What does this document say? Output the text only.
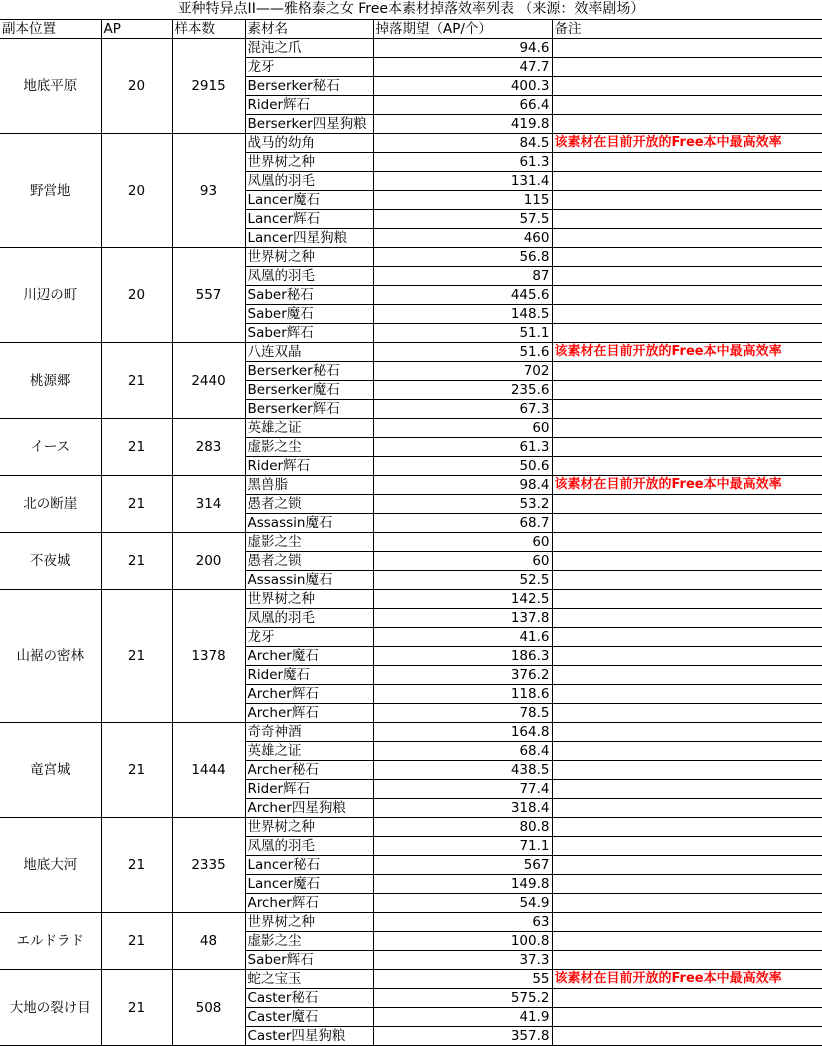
亚种特异点II——雅格泰之女 Free本素材掉落效率列表 （来源：效率剧场）
副本位置	AP	样本数	素材名	掉落期望（AP/个）	备注
地底平原	20	2915	混沌之爪	94.6	
			龙牙	47.7	
			Berserker秘石	400.3	
			Rider辉石	66.4	
			Berserker四星狗粮	419.8	
野営地	20	93	战马的幼角	84.5	该素材在目前开放的Free本中最高效率
			世界树之种	61.3	
			凤凰的羽毛	131.4	
			Lancer魔石	115	
			Lancer辉石	57.5	
			Lancer四星狗粮	460	
川辺の町	20	557	世界树之种	56.8	
			凤凰的羽毛	87	
			Saber秘石	445.6	
			Saber魔石	148.5	
			Saber辉石	51.1	
桃源郷	21	2440	八连双晶	51.6	该素材在目前开放的Free本中最高效率
			Berserker秘石	702	
			Berserker魔石	235.6	
			Berserker辉石	67.3	
イース	21	283	英雄之证	60	
			虚影之尘	61.3	
			Rider辉石	50.6	
北の断崖	21	314	黑兽脂	98.4	该素材在目前开放的Free本中最高效率
			愚者之锁	53.2	
			Assassin魔石	68.7	
不夜城	21	200	虚影之尘	60	
			愚者之锁	60	
			Assassin魔石	52.5	
山裾の密林	21	1378	世界树之种	142.5	
			凤凰的羽毛	137.8	
			龙牙	41.6	
			Archer魔石	186.3	
			Rider魔石	376.2	
			Archer辉石	118.6	
			Archer辉石	78.5	
竜宮城	21	1444	奇奇神酒	164.8	
			英雄之证	68.4	
			Archer秘石	438.5	
			Rider辉石	77.4	
			Archer四星狗粮	318.4	
地底大河	21	2335	世界树之种	80.8	
			凤凰的羽毛	71.1	
			Lancer秘石	567	
			Lancer魔石	149.8	
			Archer辉石	54.9	
エルドラド	21	48	世界树之种	63	
			虚影之尘	100.8	
			Saber辉石	37.3	
大地の裂け目	21	508	蛇之宝玉	55	该素材在目前开放的Free本中最高效率
			Caster秘石	575.2	
			Caster魔石	41.9	
			Caster四星狗粮	357.8	
